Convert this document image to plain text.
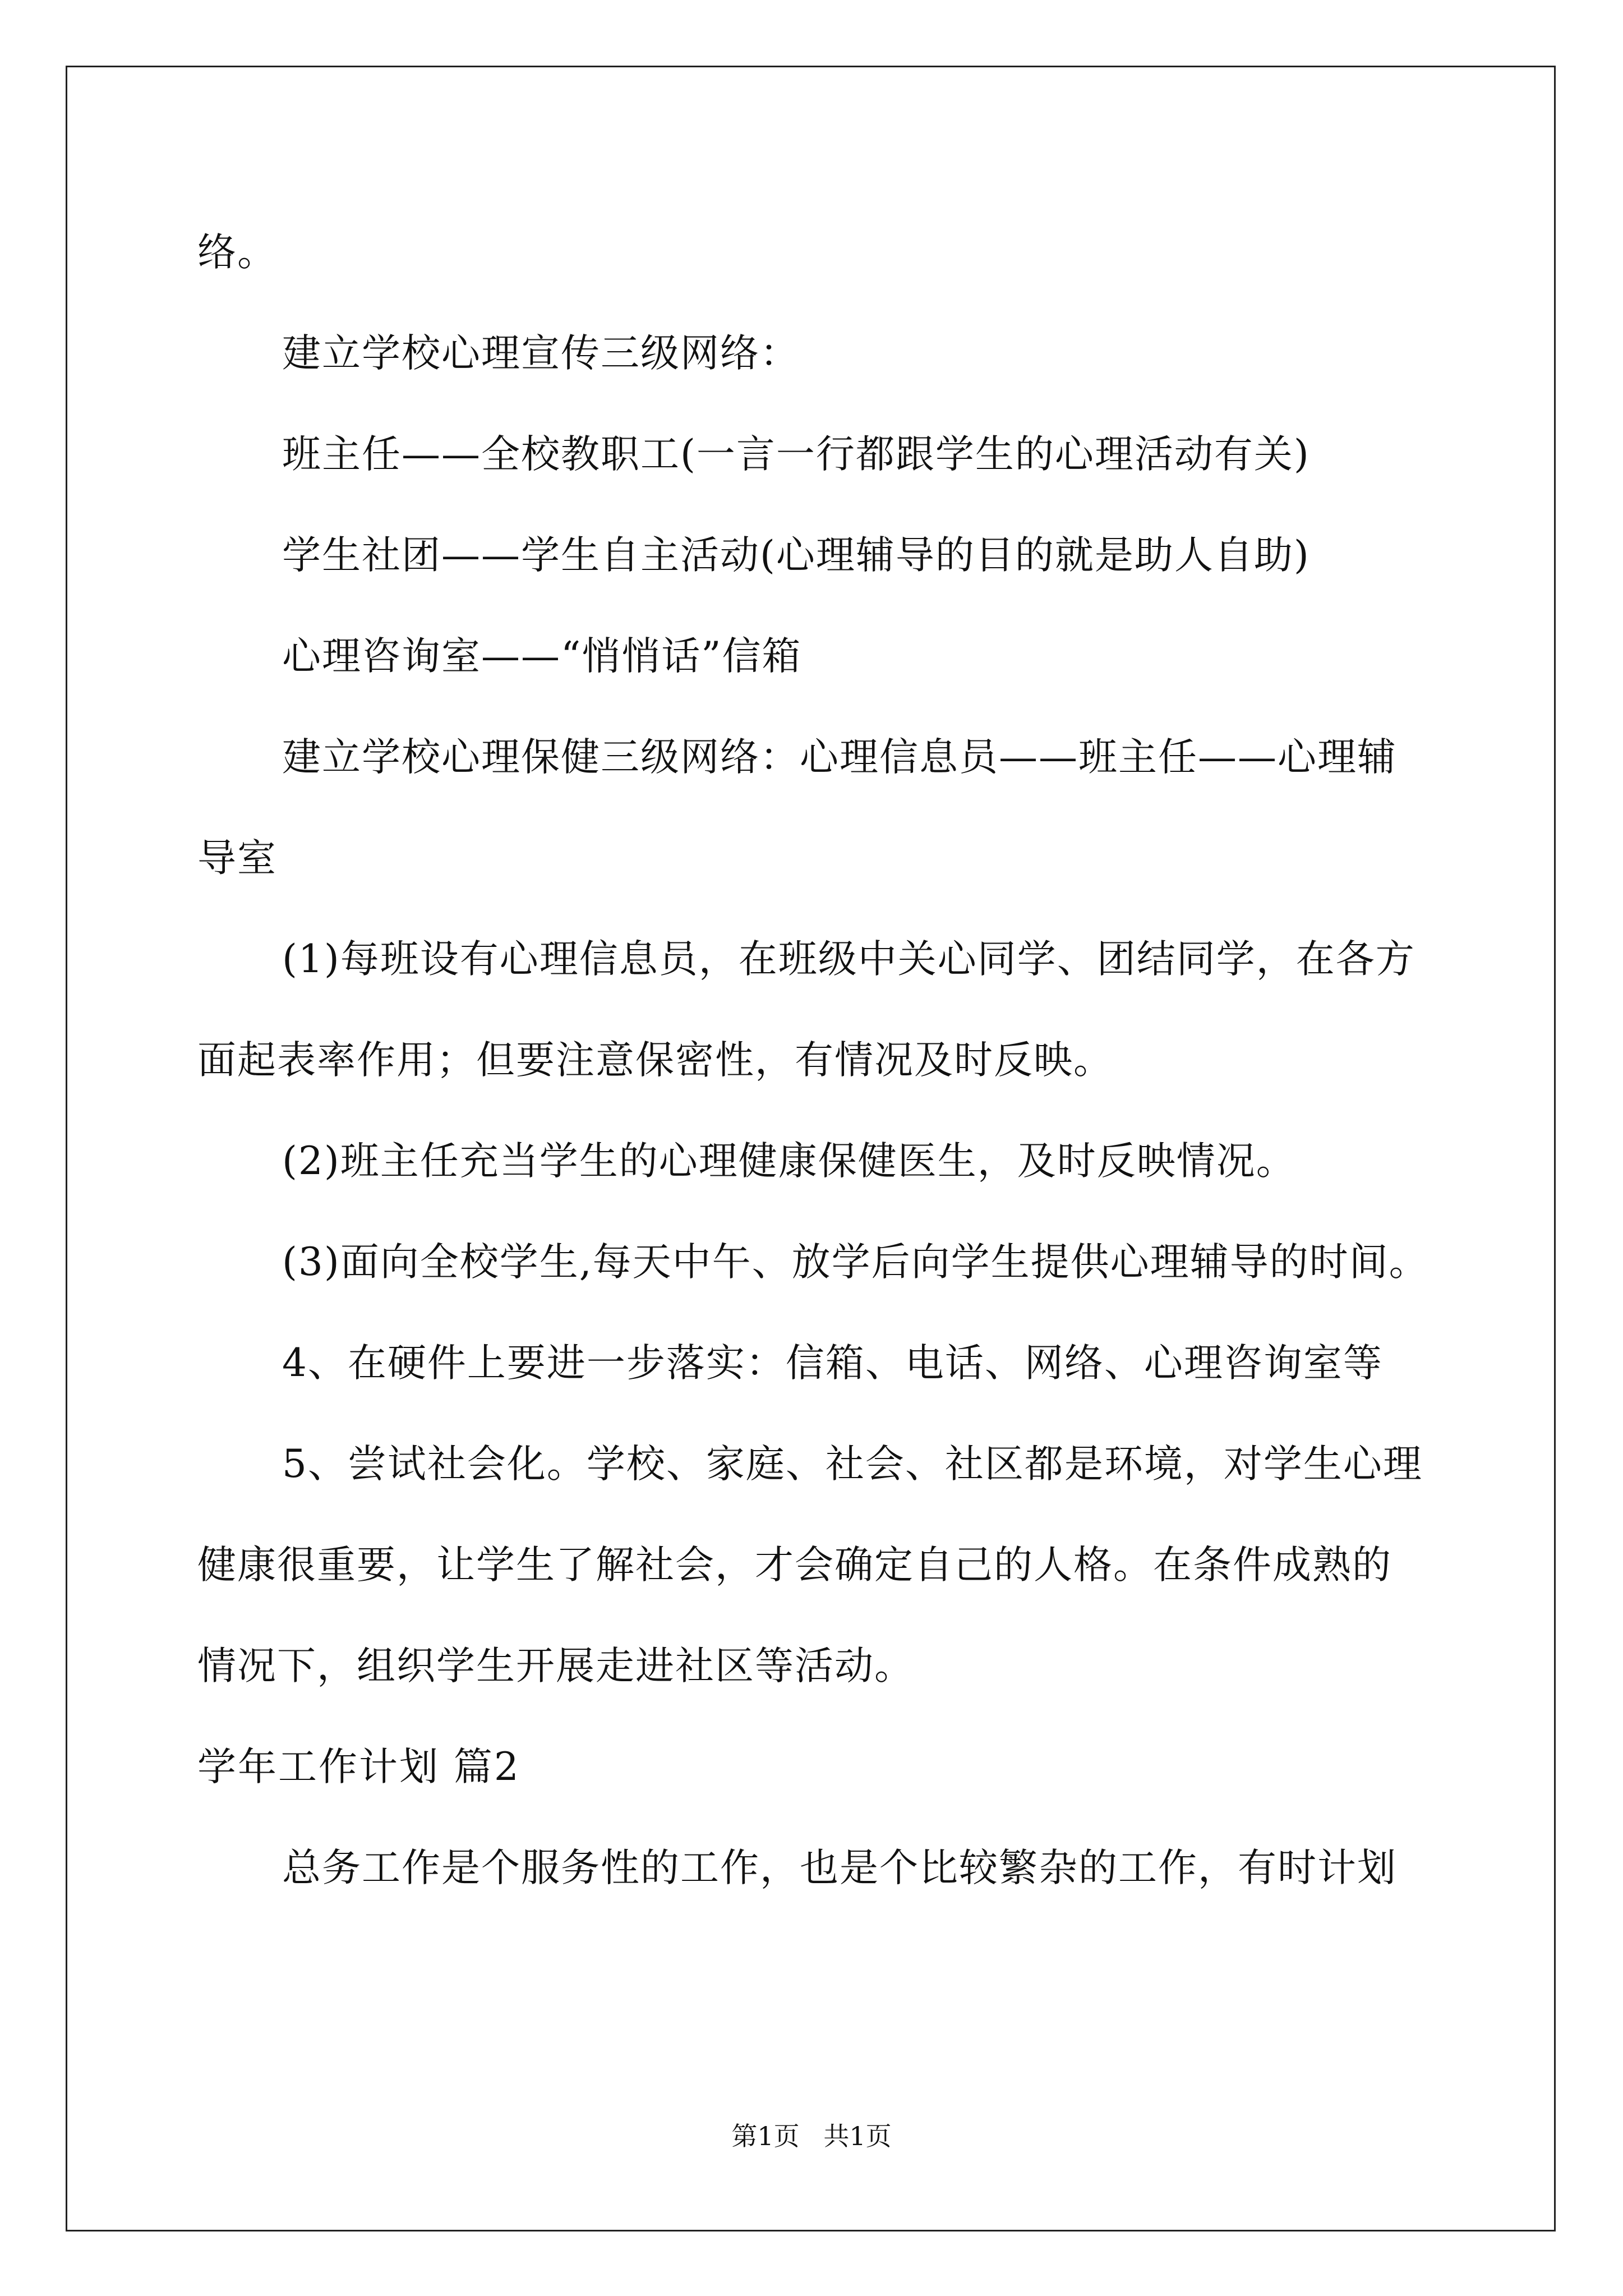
络。
建立学校心理宣传三级网络：
班主任——全校教职工(一言一行都跟学生的心理活动有关)
学生社团——学生自主活动(心理辅导的目的就是助人自助)
心理咨询室——“悄悄话”信箱
建立学校心理保健三级网络：心理信息员——班主任——心理辅
导室
(1)每班设有心理信息员，在班级中关心同学、团结同学，在各方
面起表率作用；但要注意保密性，有情况及时反映。
(2)班主任充当学生的心理健康保健医生，及时反映情况。
(3)面向全校学生,每天中午、放学后向学生提供心理辅导的时间。
4、在硬件上要进一步落实：信箱、电话、网络、心理咨询室等
5、尝试社会化。学校、家庭、社会、社区都是环境，对学生心理
健康很重要，让学生了解社会，才会确定自己的人格。在条件成熟的
情况下，组织学生开展走进社区等活动。
学年工作计划 篇2
总务工作是个服务性的工作，也是个比较繁杂的工作，有时计划
第1页 共1页
